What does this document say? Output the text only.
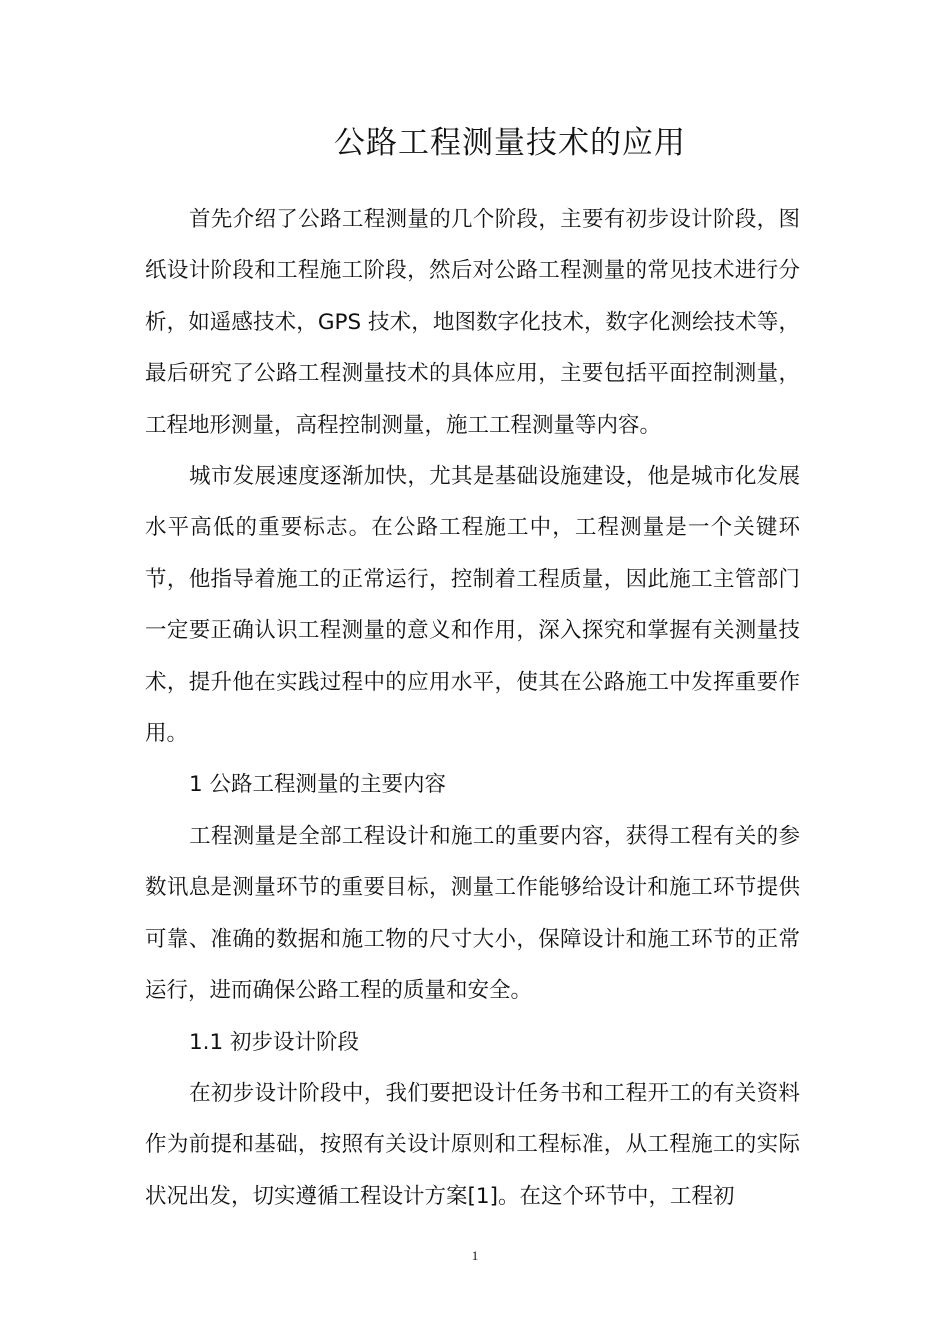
公路工程测量技术的应用

首先介绍了公路工程测量的几个阶段，主要有初步设计阶段，图纸设计阶段和工程施工阶段，然后对公路工程测量的常见技术进行分析，如遥感技术，GPS 技术，地图数字化技术，数字化测绘技术等，最后研究了公路工程测量技术的具体应用，主要包括平面控制测量，工程地形测量，高程控制测量，施工工程测量等内容。

城市发展速度逐渐加快，尤其是基础设施建设，他是城市化发展水平高低的重要标志。在公路工程施工中，工程测量是一个关键环节，他指导着施工的正常运行，控制着工程质量，因此施工主管部门一定要正确认识工程测量的意义和作用，深入探究和掌握有关测量技术，提升他在实践过程中的应用水平，使其在公路施工中发挥重要作用。

1 公路工程测量的主要内容

工程测量是全部工程设计和施工的重要内容，获得工程有关的参数讯息是测量环节的重要目标，测量工作能够给设计和施工环节提供可靠、准确的数据和施工物的尺寸大小，保障设计和施工环节的正常运行，进而确保公路工程的质量和安全。

1.1 初步设计阶段

在初步设计阶段中，我们要把设计任务书和工程开工的有关资料作为前提和基础，按照有关设计原则和工程标准，从工程施工的实际状况出发，切实遵循工程设计方案[1]。在这个环节中，工程初

1
